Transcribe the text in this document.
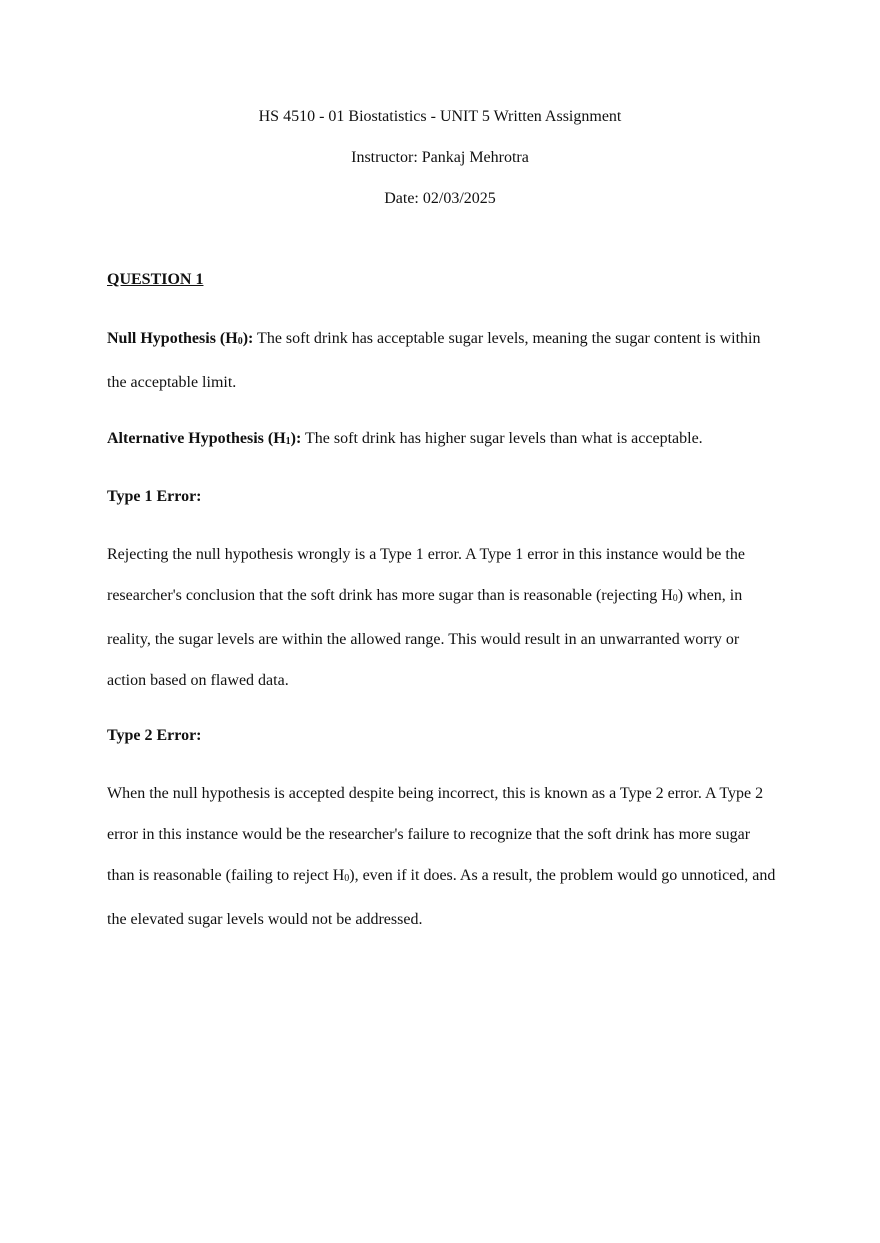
HS 4510 - 01 Biostatistics - UNIT 5 Written Assignment
Instructor: Pankaj Mehrotra
Date: 02/03/2025
QUESTION 1

Null Hypothesis (H0): The soft drink has acceptable sugar levels, meaning the sugar content is within the acceptable limit.

Alternative Hypothesis (H1): The soft drink has higher sugar levels than what is acceptable.

Type 1 Error:

Rejecting the null hypothesis wrongly is a Type 1 error. A Type 1 error in this instance would be the researcher's conclusion that the soft drink has more sugar than is reasonable (rejecting H0) when, in reality, the sugar levels are within the allowed range. This would result in an unwarranted worry or action based on flawed data.

Type 2 Error:

When the null hypothesis is accepted despite being incorrect, this is known as a Type 2 error. A Type 2 error in this instance would be the researcher's failure to recognize that the soft drink has more sugar than is reasonable (failing to reject H0), even if it does. As a result, the problem would go unnoticed, and the elevated sugar levels would not be addressed.
